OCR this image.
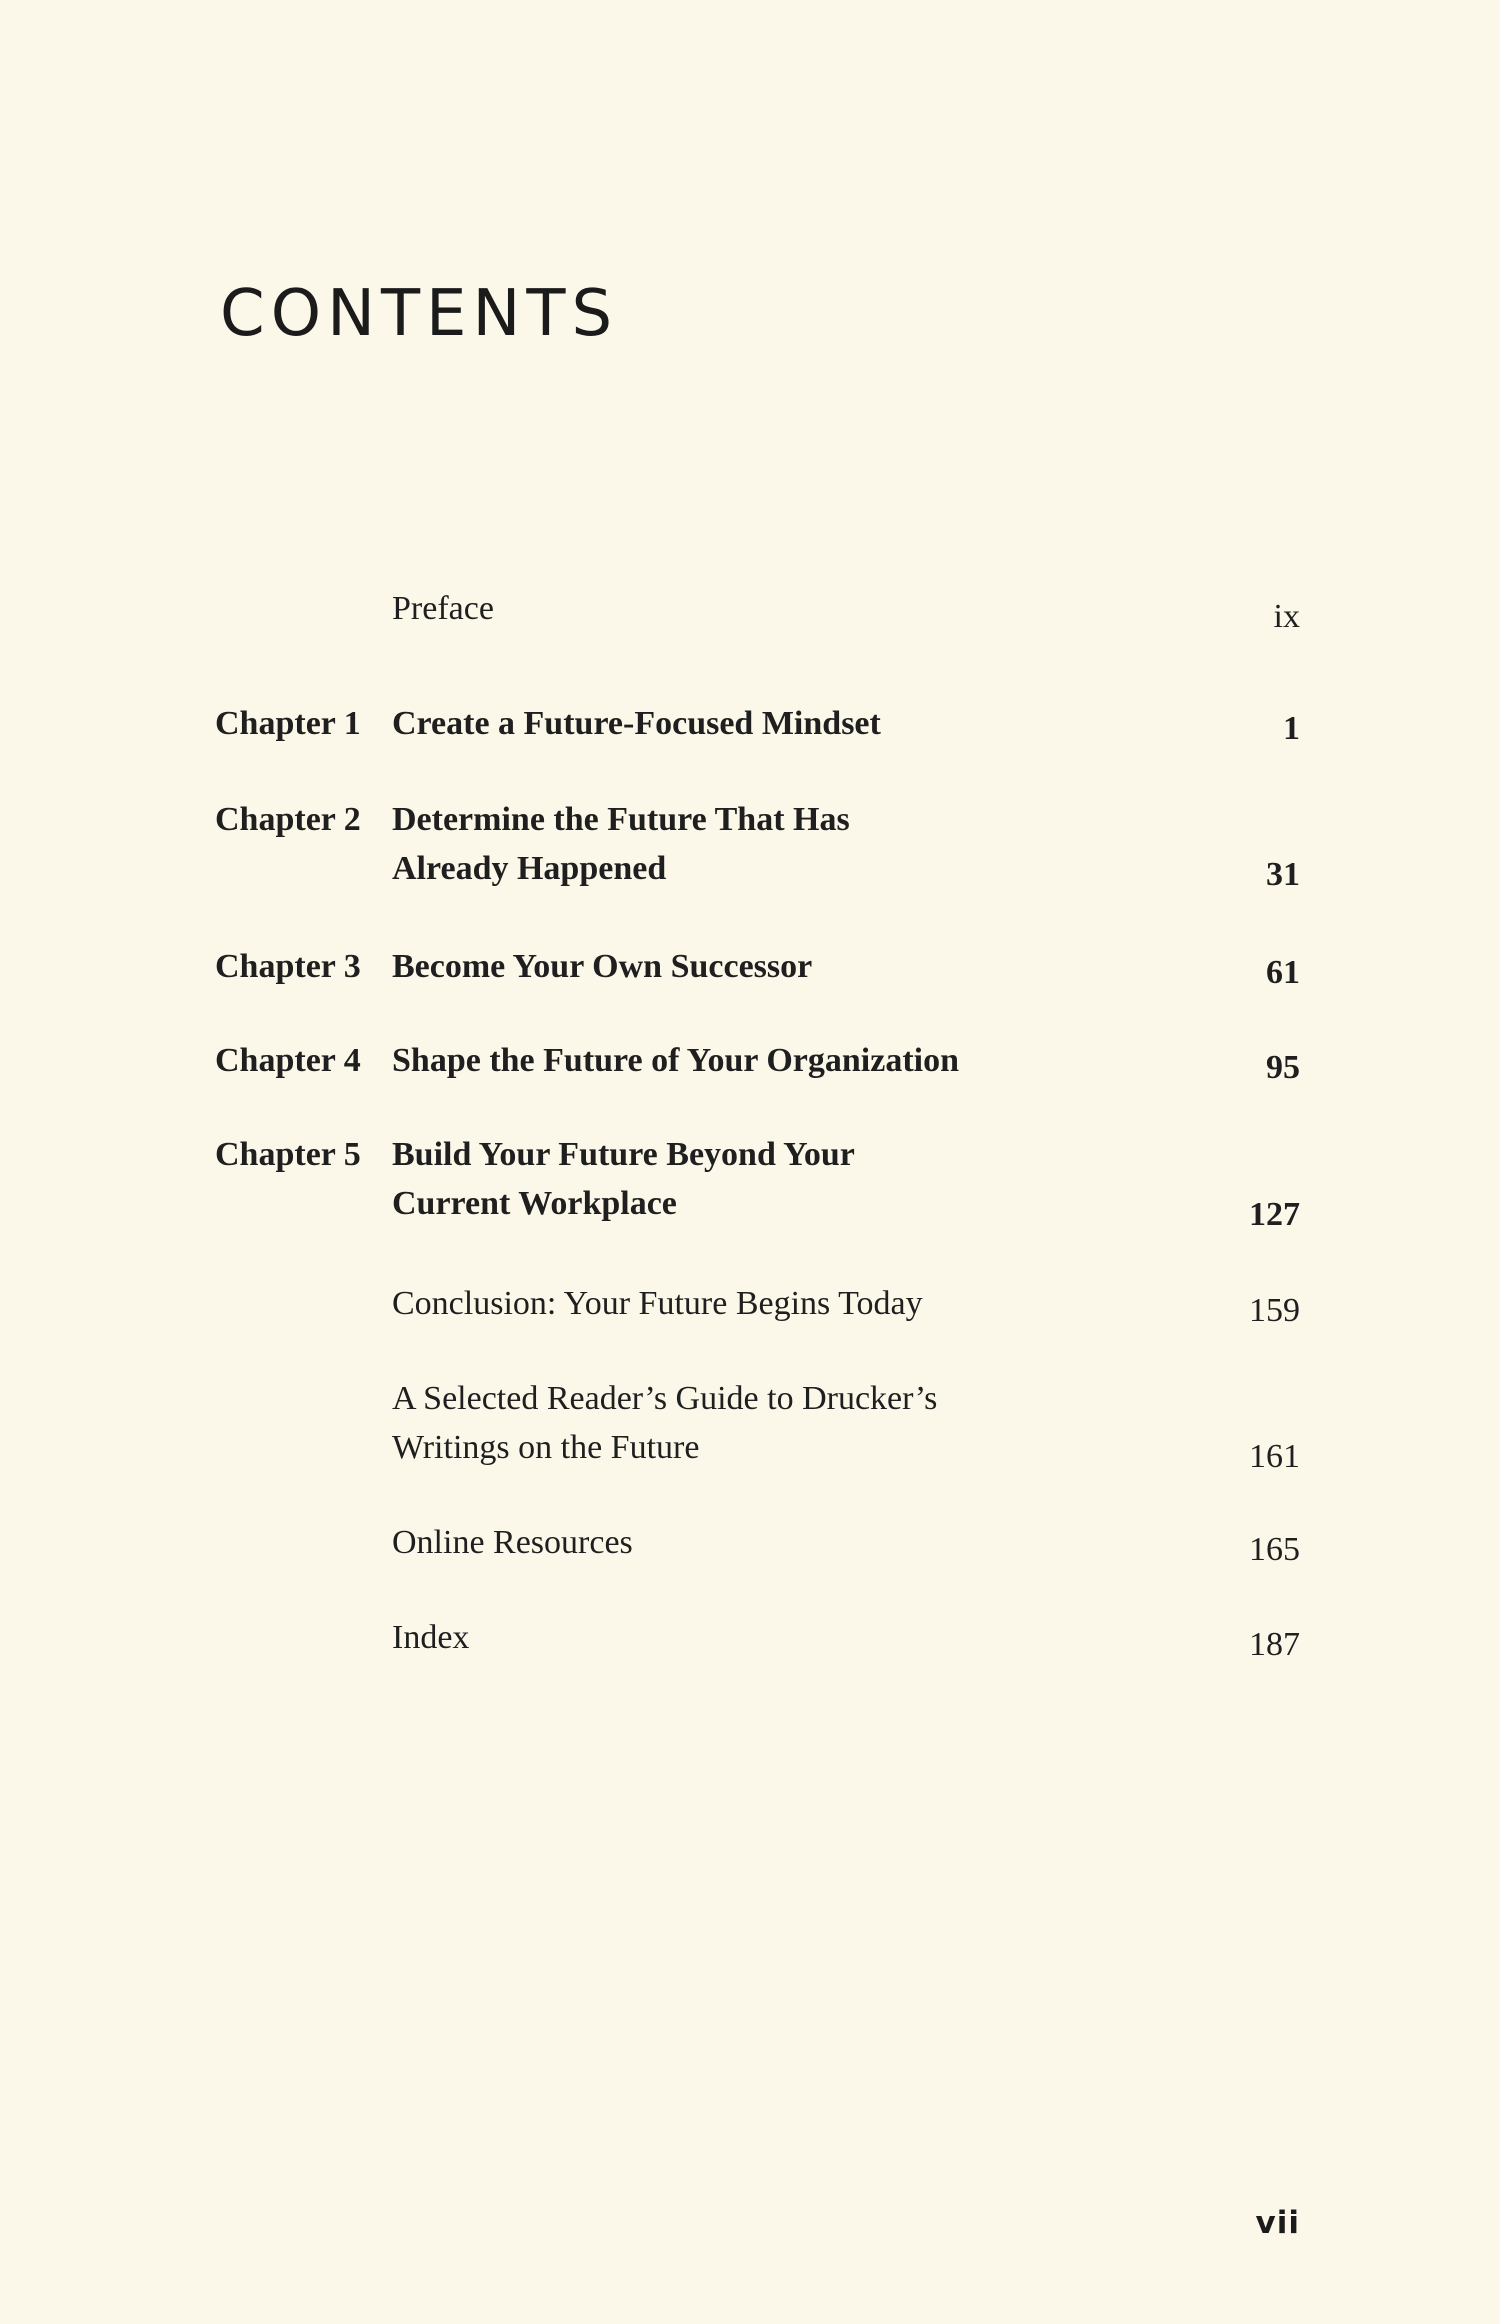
CONTENTS
Preface	ix
Chapter 1 Create a Future-Focused Mindset	1
Chapter 2 Determine the Future That Has
Already Happened	31
Chapter 3 Become Your Own Successor	61
Chapter 4 Shape the Future of Your Organization	95
Chapter 5 Build Your Future Beyond Your
Current Workplace	127
Conclusion: Your Future Begins Today	159
A Selected Reader’s Guide to Drucker’s
Writings on the Future	161
Online Resources	165
Index	187
vii
